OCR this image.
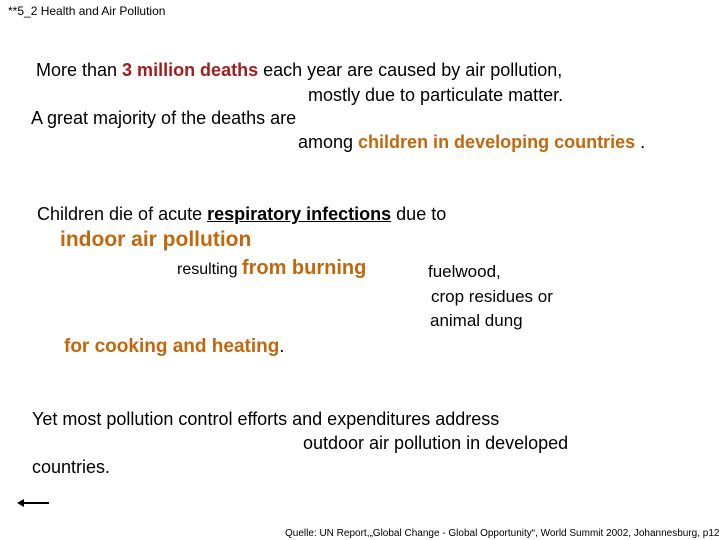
**5_2 Health and Air Pollution
More than 3 million deaths each year are caused by air pollution,
mostly due to particulate matter.
A great majority of the deaths are
among children in developing countries .
Children die of acute respiratory infections due to
indoor air pollution
resulting from burning	fuelwood,
crop residues or
animal dung
for cooking and heating.
Yet most pollution control efforts and expenditures address
outdoor air pollution in developed
countries.
Quelle: UN Report,„Global Change - Global Opportunity“, World Summit 2002, Johannesburg, p12
